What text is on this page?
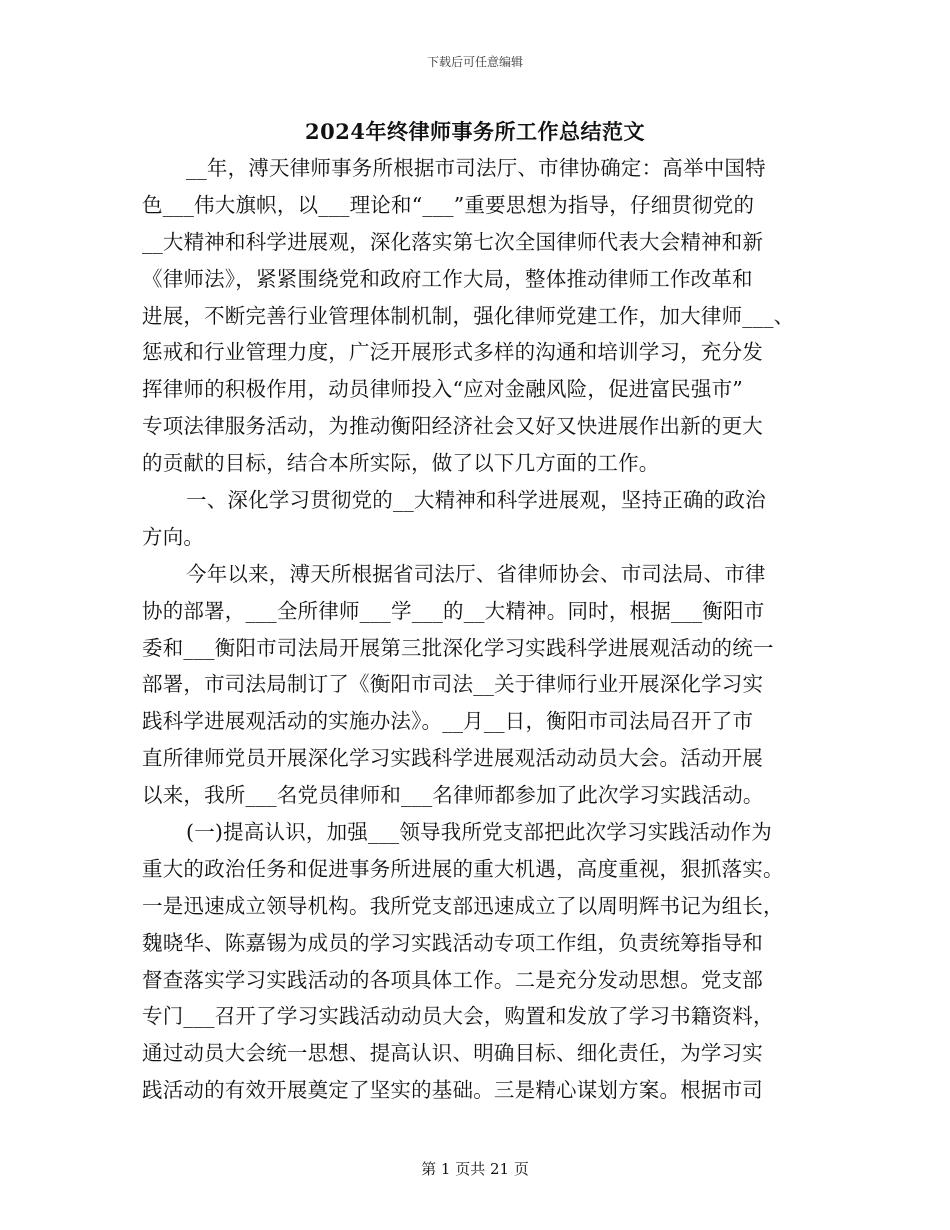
下载后可任意编辑
2024年终律师事务所工作总结范文
__年，溥天律师事务所根据市司法厅、市律协确定：高举中国特
色___伟大旗帜，以___理论和“___”重要思想为指导，仔细贯彻党的
__大精神和科学进展观，深化落实第七次全国律师代表大会精神和新
《律师法》，紧紧围绕党和政府工作大局，整体推动律师工作改革和
进展，不断完善行业管理体制机制，强化律师党建工作，加大律师___、
惩戒和行业管理力度，广泛开展形式多样的沟通和培训学习，充分发
挥律师的积极作用，动员律师投入“应对金融风险，促进富民强市”
专项法律服务活动，为推动衡阳经济社会又好又快进展作出新的更大
的贡献的目标，结合本所实际，做了以下几方面的工作。
一、深化学习贯彻党的__大精神和科学进展观，坚持正确的政治
方向。
今年以来，溥天所根据省司法厅、省律师协会、市司法局、市律
协的部署，___全所律师___学___的__大精神。同时，根据___衡阳市
委和___衡阳市司法局开展第三批深化学习实践科学进展观活动的统一
部署，市司法局制订了《衡阳市司法__关于律师行业开展深化学习实
践科学进展观活动的实施办法》。__月__日，衡阳市司法局召开了市
直所律师党员开展深化学习实践科学进展观活动动员大会。活动开展
以来，我所___名党员律师和___名律师都参加了此次学习实践活动。
(一)提高认识，加强___领导我所党支部把此次学习实践活动作为
重大的政治任务和促进事务所进展的重大机遇，高度重视，狠抓落实。
一是迅速成立领导机构。我所党支部迅速成立了以周明辉书记为组长，
魏晓华、陈嘉锡为成员的学习实践活动专项工作组，负责统筹指导和
督查落实学习实践活动的各项具体工作。二是充分发动思想。党支部
专门___召开了学习实践活动动员大会，购置和发放了学习书籍资料，
通过动员大会统一思想、提高认识、明确目标、细化责任，为学习实
践活动的有效开展奠定了坚实的基础。三是精心谋划方案。根据市司
第 1 页共 21 页
